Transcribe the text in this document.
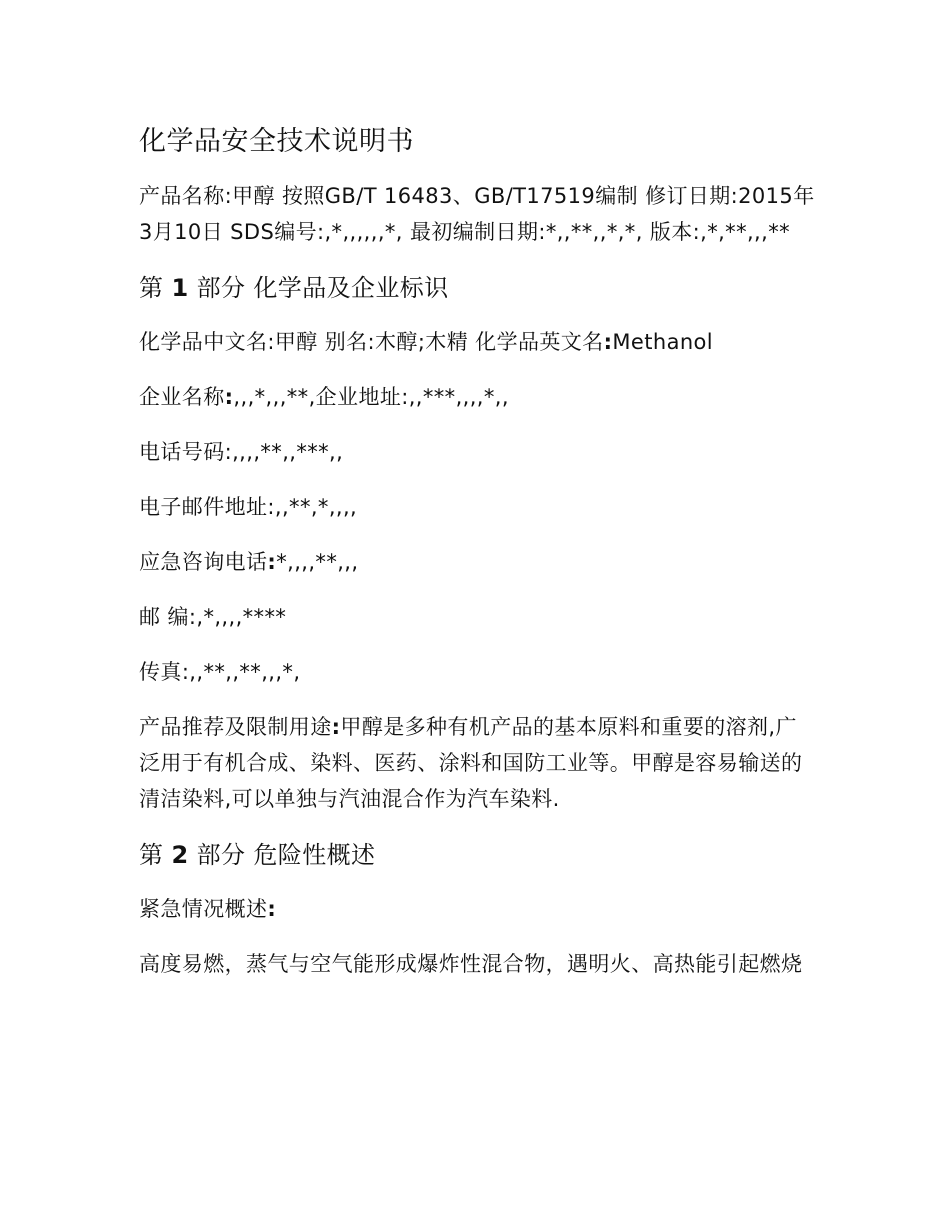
化学品安全技术说明书

产品名称:甲醇 按照GB/T 16483、GB/T17519编制 修订日期:2015年3月10日 SDS编号:,*,,,,,,*, 最初编制日期:*,,**,,*,*, 版本:,*,**,,,**

第 1 部分 化学品及企业标识

化学品中文名:甲醇 别名:木醇;木精 化学品英文名:Methanol

企业名称:,,,*,,,**,企业地址:,,***,,,,*,,

电话号码:,,,,**,,***,,

电子邮件地址:,,**,*,,,,

应急咨询电话:*,,,,**,,,

邮 编:,*,,,,****

传真:,,**,,**,,,*,

产品推荐及限制用途:甲醇是多种有机产品的基本原料和重要的溶剂,广泛用于有机合成、染料、医药、涂料和国防工业等。甲醇是容易输送的清洁染料,可以单独与汽油混合作为汽车染料.

第 2 部分 危险性概述

紧急情况概述:

高度易燃，蒸气与空气能形成爆炸性混合物，遇明火、高热能引起燃烧
